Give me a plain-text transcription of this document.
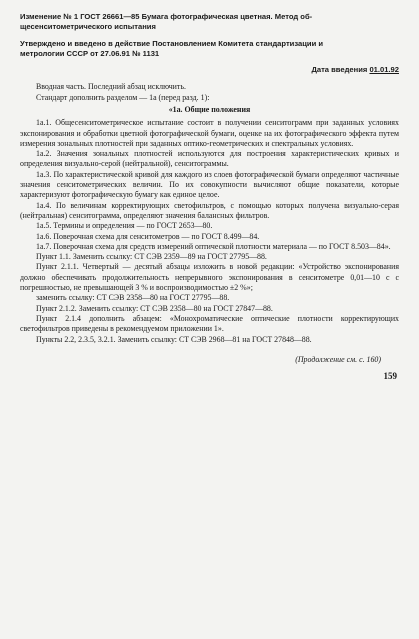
Изменение № 1 ГОСТ 26661—85 Бумага фотографическая цветная. Метод об-

щесенситометрического испытания

Утверждено и введено в действие Постановлением Комитета стандартизации и

метрологии СССР от 27.06.91 № 1131

Дата введения 01.01.92

Вводная часть. Последний абзац исключить.

Стандарт дополнить разделом — 1а (перед разд. 1):

«1а. Общие положения

1а.1. Общесенситометрическое испытание состоит в получении сенситограмм при заданных условиях экспонирования и обработки цветной фотографической бумаги, оценке на их фотографического эффекта путем измерения зональных плотностей при заданных оптико-геометрических и спектральных условиях.

1а.2. Значения зональных плотностей используются для построения характеристических кривых и определения визуально-серой (нейтральной), сенситограммы.

1а.3. По характеристической кривой для каждого из слоев фотографической бумаги определяют частичные значения сенситометрических величин. По их совокупности вычисляют общие показатели, которые характеризуют фотографическую бумагу как единое целое.

1а.4. По величинам корректирующих светофильтров, с помощью которых получена визуально-серая (нейтральная) сенситограмма, определяют значения балансных фильтров.

1а.5. Термины и определения — по ГОСТ 2653—80.

1а.6. Поверочная схема для сенситометров — по ГОСТ 8.499—84.

1а.7. Поверочная схема для средств измерений оптической плотности материала — по ГОСТ 8.503—84».

Пункт 1.1. Заменить ссылку: СТ СЭВ 2359—89 на ГОСТ 27795—88.

Пункт 2.1.1. Четвертый — десятый абзацы изложить в новой редакции: «Устройство экспонирования должно обеспечивать продолжительность непрерывного экспонирования в сенситометре 0,01—10 с с погрешностью, не превышающей 3 % и воспроизводимостью ±2 %»;

заменить ссылку: СТ СЭВ 2358—80 на ГОСТ 27795—88.

Пункт 2.1.2. Заменить ссылку: СТ СЭВ 2358—80 на ГОСТ 27847—88.

Пункт 2.1.4 дополнить абзацем: «Монохроматические оптические плотности корректирующих светофильтров приведены в рекомендуемом приложении 1».

Пункты 2.2, 2.3.5, 3.2.1. Заменить ссылку: СТ СЭВ 2968—81 на ГОСТ 27848—88.

(Продолжение см. с. 160)

159
